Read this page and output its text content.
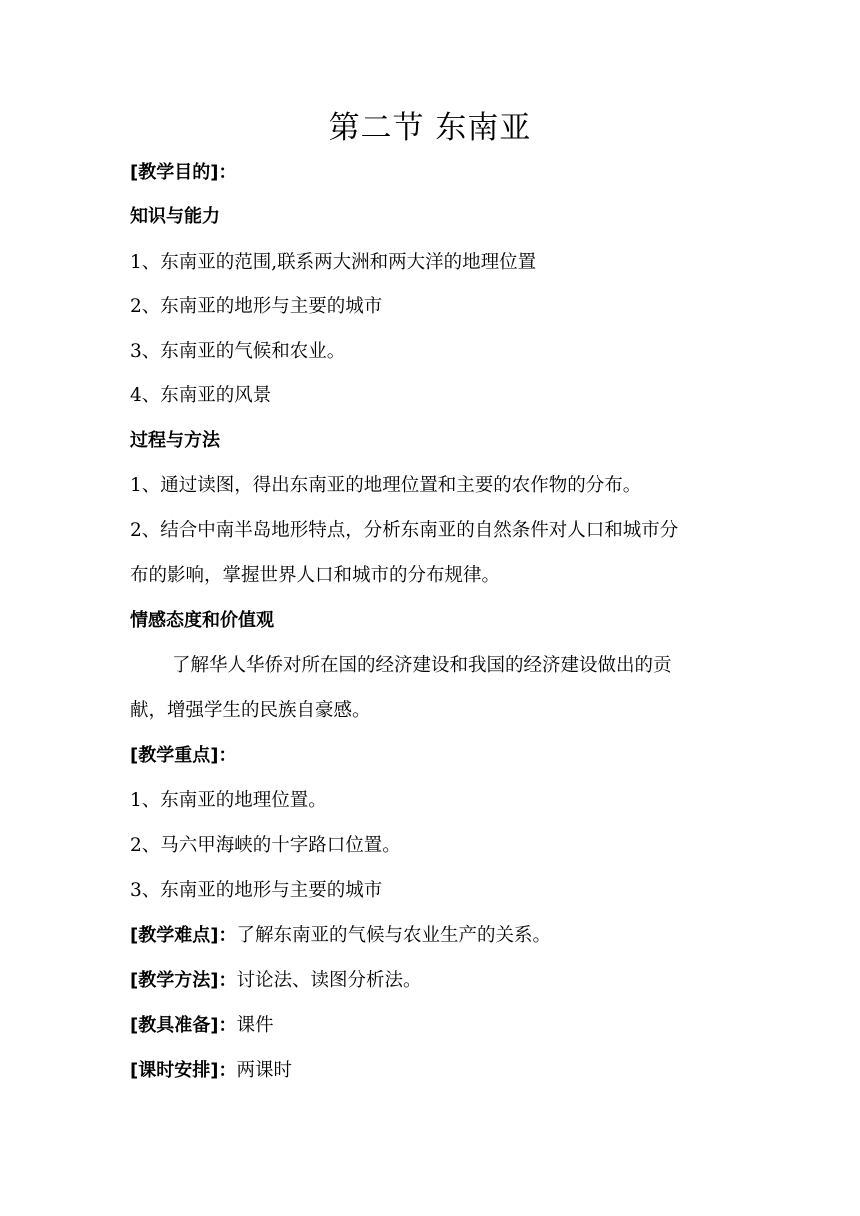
第二节 东南亚
[教学目的]：
知识与能力
1、东南亚的范围,联系两大洲和两大洋的地理位置
2、东南亚的地形与主要的城市
3、东南亚的气候和农业。
4、东南亚的风景
过程与方法
1、通过读图，得出东南亚的地理位置和主要的农作物的分布。
2、结合中南半岛地形特点，分析东南亚的自然条件对人口和城市分
布的影响，掌握世界人口和城市的分布规律。
情感态度和价值观
了解华人华侨对所在国的经济建设和我国的经济建设做出的贡
献，增强学生的民族自豪感。
[教学重点]：
1、东南亚的地理位置。
2、马六甲海峡的十字路口位置。
3、东南亚的地形与主要的城市
[教学难点]：了解东南亚的气候与农业生产的关系。
[教学方法]：讨论法、读图分析法。
[教具准备]：课件
[课时安排]：两课时
